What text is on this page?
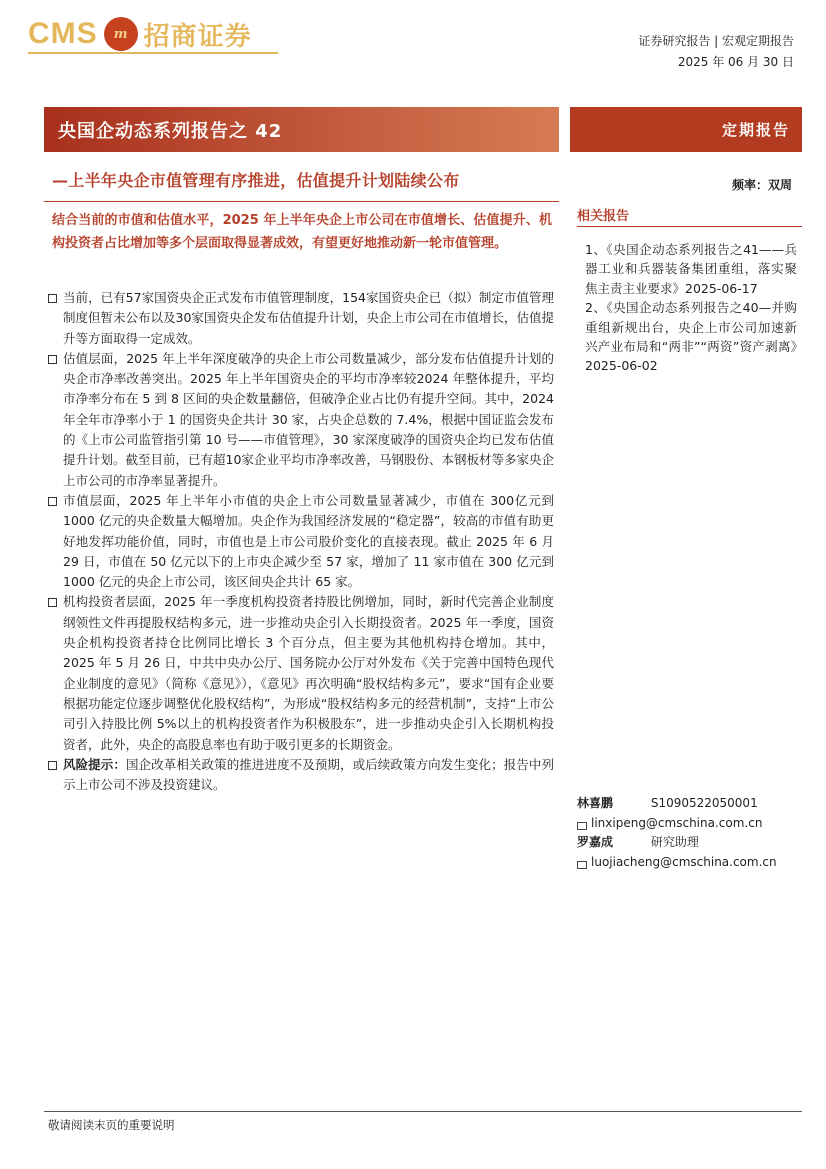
CMS	m 招商证券	证券研究报告 | 宏观定期报告
2025 年 06 月 30 日
央国企动态系列报告之 42	定期报告
—上半年央企市值管理有序推进，估值提升计划陆续公布	频率：双周
结合当前的市值和估值水平，2025 年上半年央企上市公司在市值增长、估值提升、机构投资者占比增加等多个层面取得显著成效，有望更好地推动新一轮市值管理。
当前，已有57家国资央企正式发布市值管理制度，154家国资央企已（拟）制定市值管理制度但暂未公布以及30家国资央企发布估值提升计划，央企上市公司在市值增长，估值提升等方面取得一定成效。
估值层面，2025 年上半年深度破净的央企上市公司数量减少，部分发布估值提升计划的央企市净率改善突出。2025 年上半年国资央企的平均市净率较2024 年整体提升，平均市净率分布在 5 到 8 区间的央企数量翻倍，但破净企业占比仍有提升空间。其中，2024 年全年市净率小于 1 的国资央企共计 30 家，占央企总数的 7.4%，根据中国证监会发布的《上市公司监管指引第 10 号——市值管理》，30 家深度破净的国资央企均已发布估值提升计划。截至目前，已有超10家企业平均市净率改善，马钢股份、本钢板材等多家央企上市公司的市净率显著提升。
市值层面，2025 年上半年小市值的央企上市公司数量显著减少，市值在 300亿元到 1000 亿元的央企数量大幅增加。央企作为我国经济发展的“稳定器”，较高的市值有助更好地发挥功能价值，同时，市值也是上市公司股价变化的直接表现。截止 2025 年 6 月 29 日，市值在 50 亿元以下的上市央企减少至 57 家，增加了 11 家市值在 300 亿元到 1000 亿元的央企上市公司，该区间央企共计 65 家。
机构投资者层面，2025 年一季度机构投资者持股比例增加，同时，新时代完善企业制度纲领性文件再提股权结构多元，进一步推动央企引入长期投资者。2025 年一季度，国资央企机构投资者持仓比例同比增长 3 个百分点，但主要为其他机构持仓增加。其中，2025 年 5 月 26 日，中共中央办公厅、国务院办公厅对外发布《关于完善中国特色现代企业制度的意见》（简称《意见》），《意见》再次明确“股权结构多元”，要求“国有企业要根据功能定位逐步调整优化股权结构”，为形成“股权结构多元的经营机制”，支持“上市公司引入持股比例 5%以上的机构投资者作为积极股东”，进一步推动央企引入长期机构投资者，此外，央企的高股息率也有助于吸引更多的长期资金。
风险提示：国企改革相关政策的推进进度不及预期，或后续政策方向发生变化；报告中列示上市公司不涉及投资建议。
相关报告
1、《央国企动态系列报告之41——兵器工业和兵器装备集团重组，落实聚焦主责主业要求》2025-06-17
2、《央国企动态系列报告之40—并购重组新规出台，央企上市公司加速新兴产业布局和“两非”“两资”资产剥离》2025-06-02
林喜鹏	S1090522050001
linxipeng@cmschina.com.cn
罗嘉成	研究助理
luojiacheng@cmschina.com.cn
敬请阅读末页的重要说明
